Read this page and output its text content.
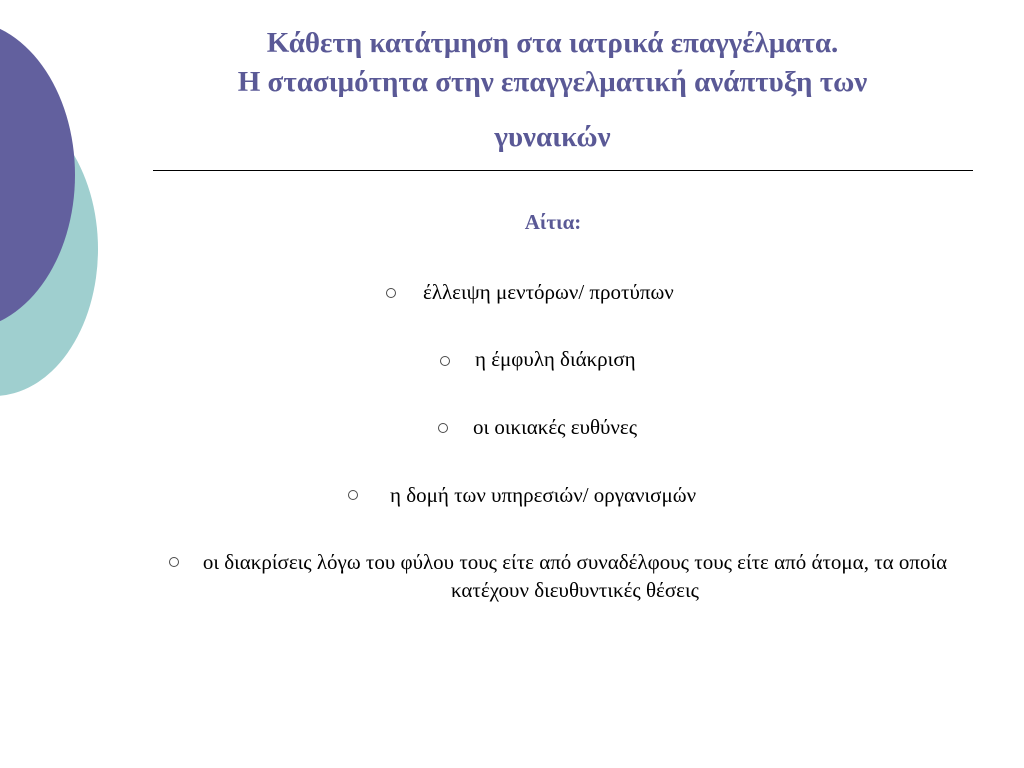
Κάθετη κατάτμηση στα ιατρικά επαγγέλματα.
Η στασιμότητα στην επαγγελματική ανάπτυξη των
γυναικών
Αίτια:
έλλειψη μεντόρων/ προτύπων
η έμφυλη διάκριση
οι οικιακές ευθύνες
η δομή των υπηρεσιών/ οργανισμών
οι διακρίσεις λόγω του φύλου τους είτε από συναδέλφους τους είτε από άτομα, τα οποία κατέχουν διευθυντικές θέσεις
